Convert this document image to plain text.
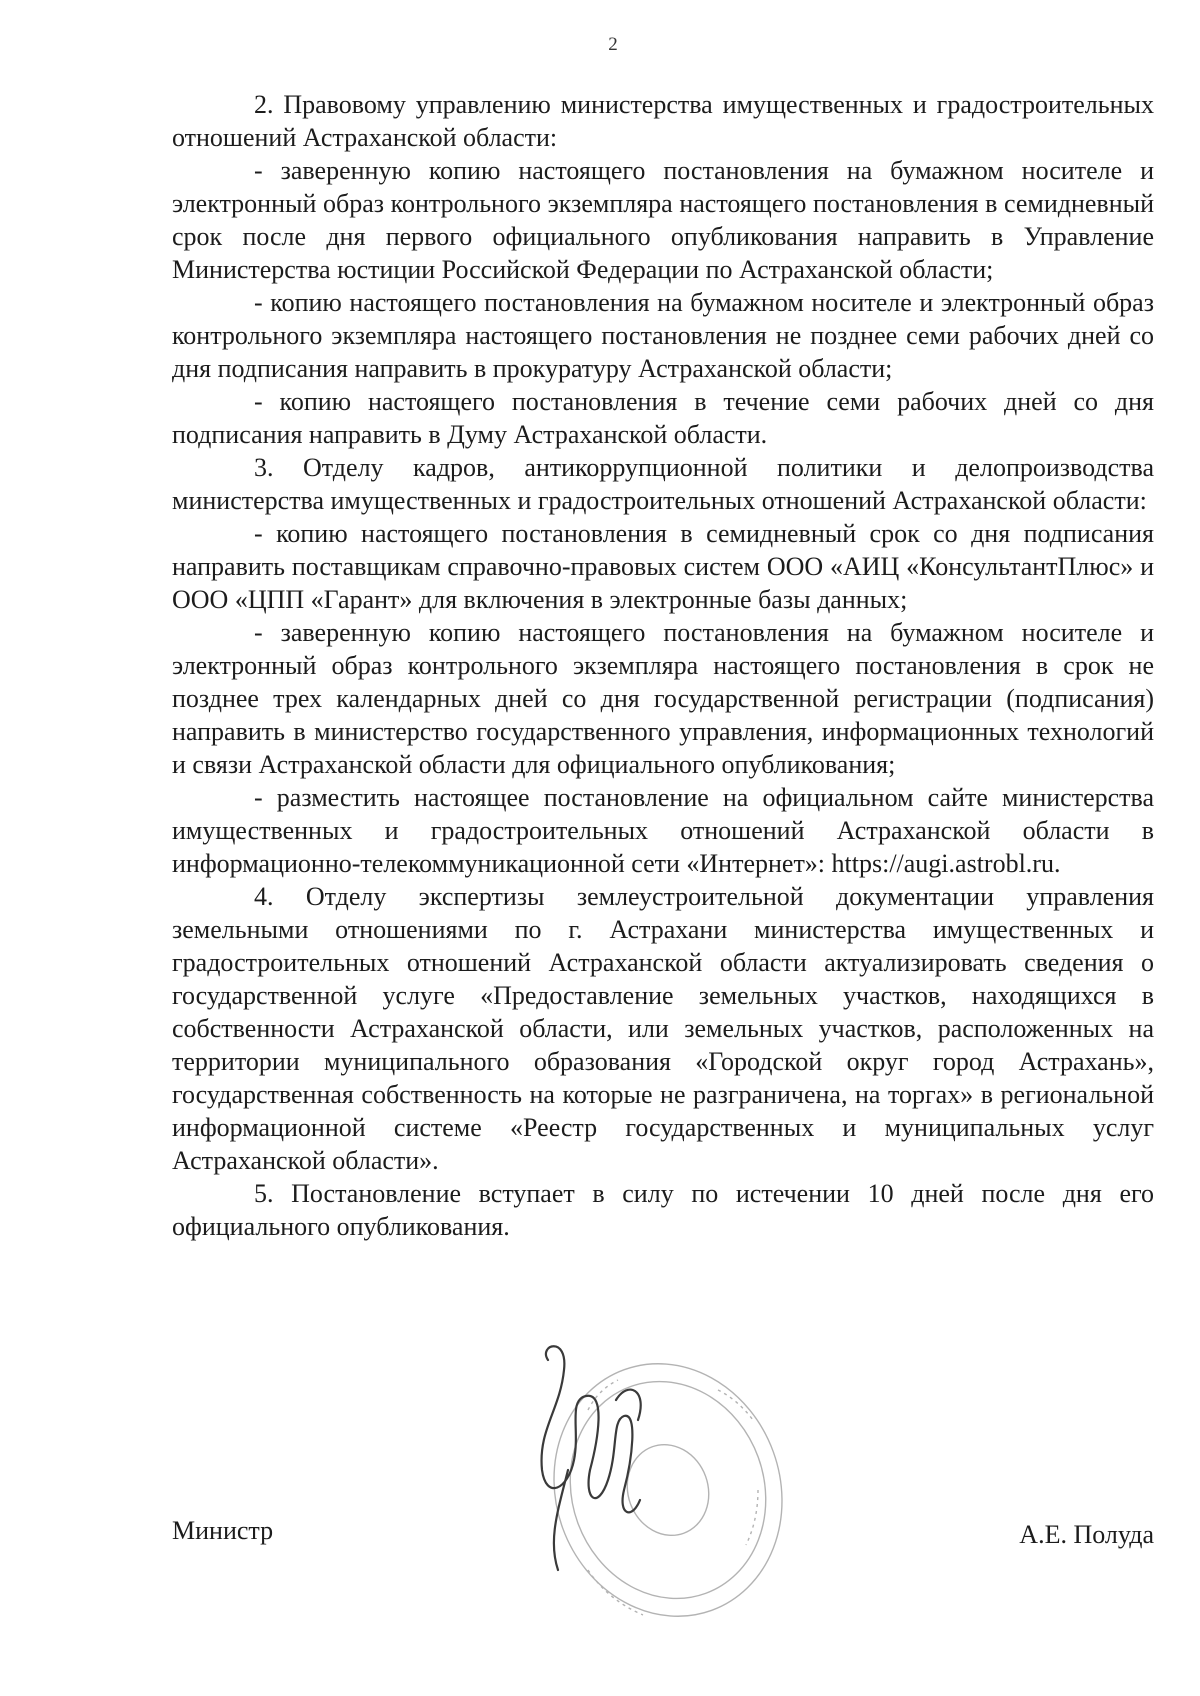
2

2. Правовому управлению министерства имущественных и градостроительных отношений Астраханской области:

- заверенную копию настоящего постановления на бумажном носителе и электронный образ контрольного экземпляра настоящего постановления в семидневный срок после дня первого официального опубликования направить в Управление Министерства юстиции Российской Федерации по Астраханской области;

- копию настоящего постановления на бумажном носителе и электронный образ контрольного экземпляра настоящего постановления не позднее семи рабочих дней со дня подписания направить в прокуратуру Астраханской области;

- копию настоящего постановления в течение семи рабочих дней со дня подписания направить в Думу Астраханской области.

3. Отделу кадров, антикоррупционной политики и делопроизводства министерства имущественных и градостроительных отношений Астраханской области:

- копию настоящего постановления в семидневный срок со дня подписания направить поставщикам справочно-правовых систем ООО «АИЦ «КонсультантПлюс» и ООО «ЦПП «Гарант» для включения в электронные базы данных;

- заверенную копию настоящего постановления на бумажном носителе и электронный образ контрольного экземпляра настоящего постановления в срок не позднее трех календарных дней со дня государственной регистрации (подписания) направить в министерство государственного управления, информационных технологий и связи Астраханской области для официального опубликования;

- разместить настоящее постановление на официальном сайте министерства имущественных и градостроительных отношений Астраханской области в информационно-телекоммуникационной сети «Интернет»: https://augi.astrobl.ru.

4. Отделу экспертизы землеустроительной документации управления земельными отношениями по г. Астрахани министерства имущественных и градостроительных отношений Астраханской области актуализировать сведения о государственной услуге «Предоставление земельных участков, находящихся в собственности Астраханской области, или земельных участков, расположенных на территории муниципального образования «Городской округ город Астрахань», государственная собственность на которые не разграничена, на торгах» в региональной информационной системе «Реестр государственных и муниципальных услуг Астраханской области».

5. Постановление вступает в силу по истечении 10 дней после дня его официального опубликования.

Министр	А.Е. Полуда
